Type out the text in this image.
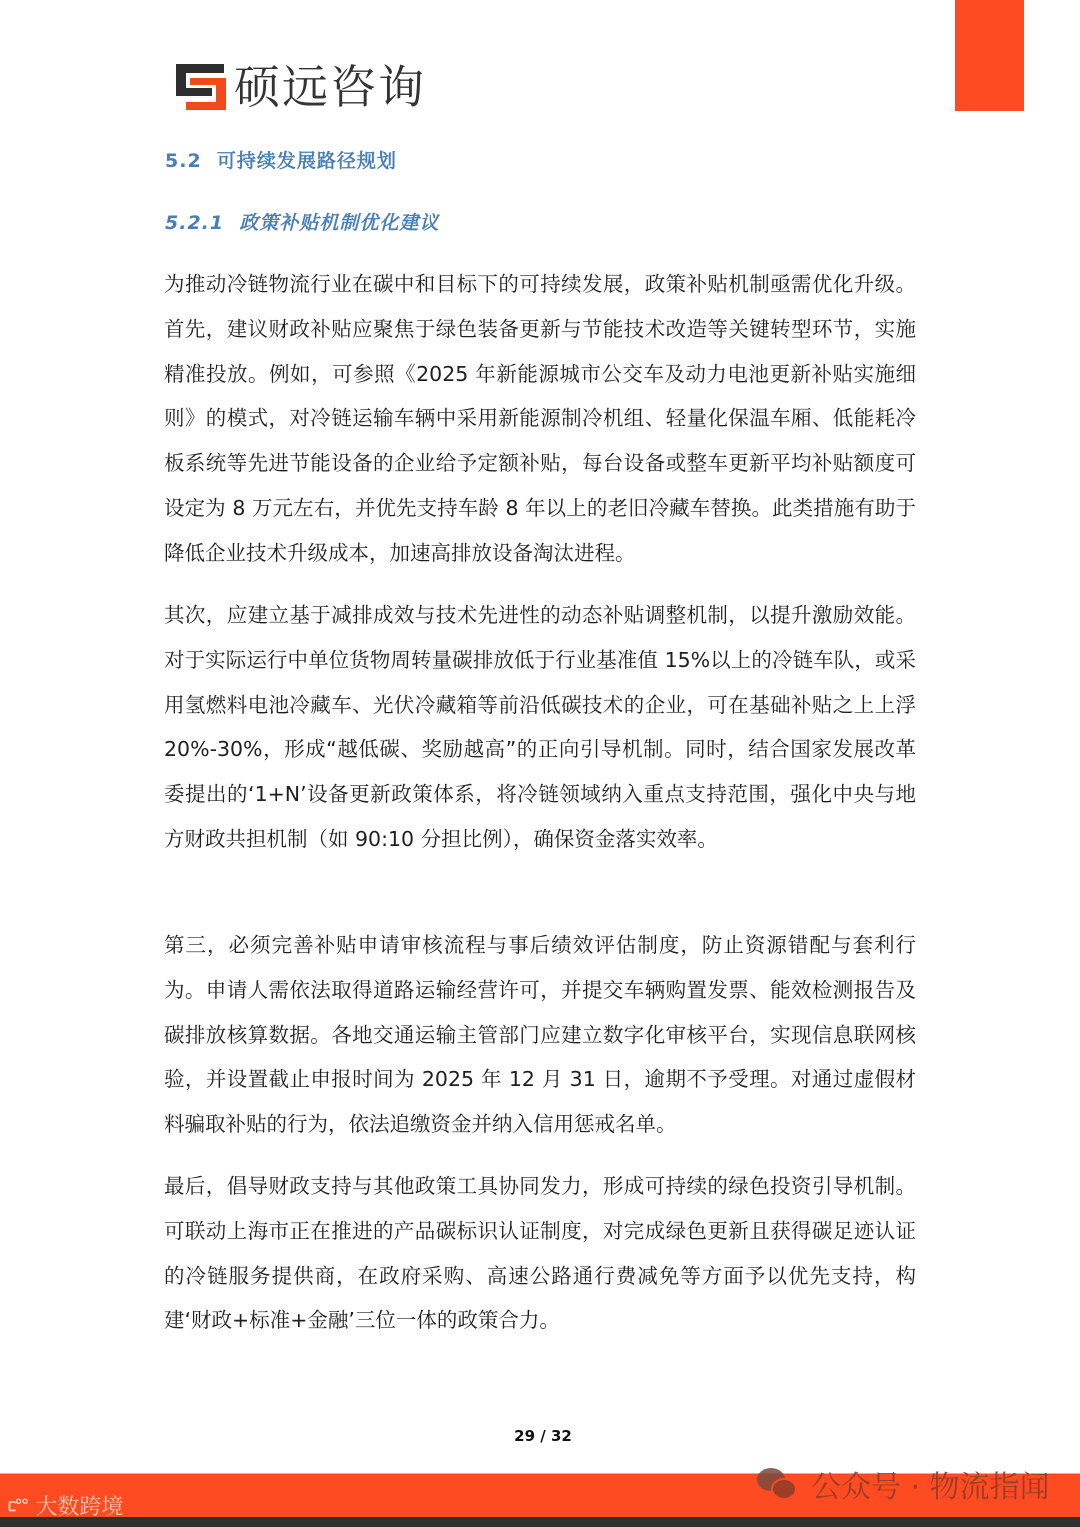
硕远咨询
5.2  可持续发展路径规划
5.2.1  政策补贴机制优化建议

为推动冷链物流行业在碳中和目标下的可持续发展，政策补贴机制亟需优化升级。首先，建议财政补贴应聚焦于绿色装备更新与节能技术改造等关键转型环节，实施精准投放。例如，可参照《2025 年新能源城市公交车及动力电池更新补贴实施细则》的模式，对冷链运输车辆中采用新能源制冷机组、轻量化保温车厢、低能耗冷板系统等先进节能设备的企业给予定额补贴，每台设备或整车更新平均补贴额度可设定为 8 万元左右，并优先支持车龄 8 年以上的老旧冷藏车替换。此类措施有助于降低企业技术升级成本，加速高排放设备淘汰进程。

其次，应建立基于减排成效与技术先进性的动态补贴调整机制，以提升激励效能。对于实际运行中单位货物周转量碳排放低于行业基准值 15%以上的冷链车队，或采用氢燃料电池冷藏车、光伏冷藏箱等前沿低碳技术的企业，可在基础补贴之上上浮 20%-30%，形成“越低碳、奖励越高”的正向引导机制。同时，结合国家发展改革委提出的‘1+N’设备更新政策体系，将冷链领域纳入重点支持范围，强化中央与地方财政共担机制（如 90:10 分担比例），确保资金落实效率。

第三，必须完善补贴申请审核流程与事后绩效评估制度，防止资源错配与套利行为。申请人需依法取得道路运输经营许可，并提交车辆购置发票、能效检测报告及碳排放核算数据。各地交通运输主管部门应建立数字化审核平台，实现信息联网核验，并设置截止申报时间为 2025 年 12 月 31 日，逾期不予受理。对通过虚假材料骗取补贴的行为，依法追缴资金并纳入信用惩戒名单。

最后，倡导财政支持与其他政策工具协同发力，形成可持续的绿色投资引导机制。可联动上海市正在推进的产品碳标识认证制度，对完成绿色更新且获得碳足迹认证的冷链服务提供商，在政府采购、高速公路通行费减免等方面予以优先支持，构建‘财政+标准+金融’三位一体的政策合力。

29 / 32
ᥴ°° 大数跨境
公众号 · 物流指闻
